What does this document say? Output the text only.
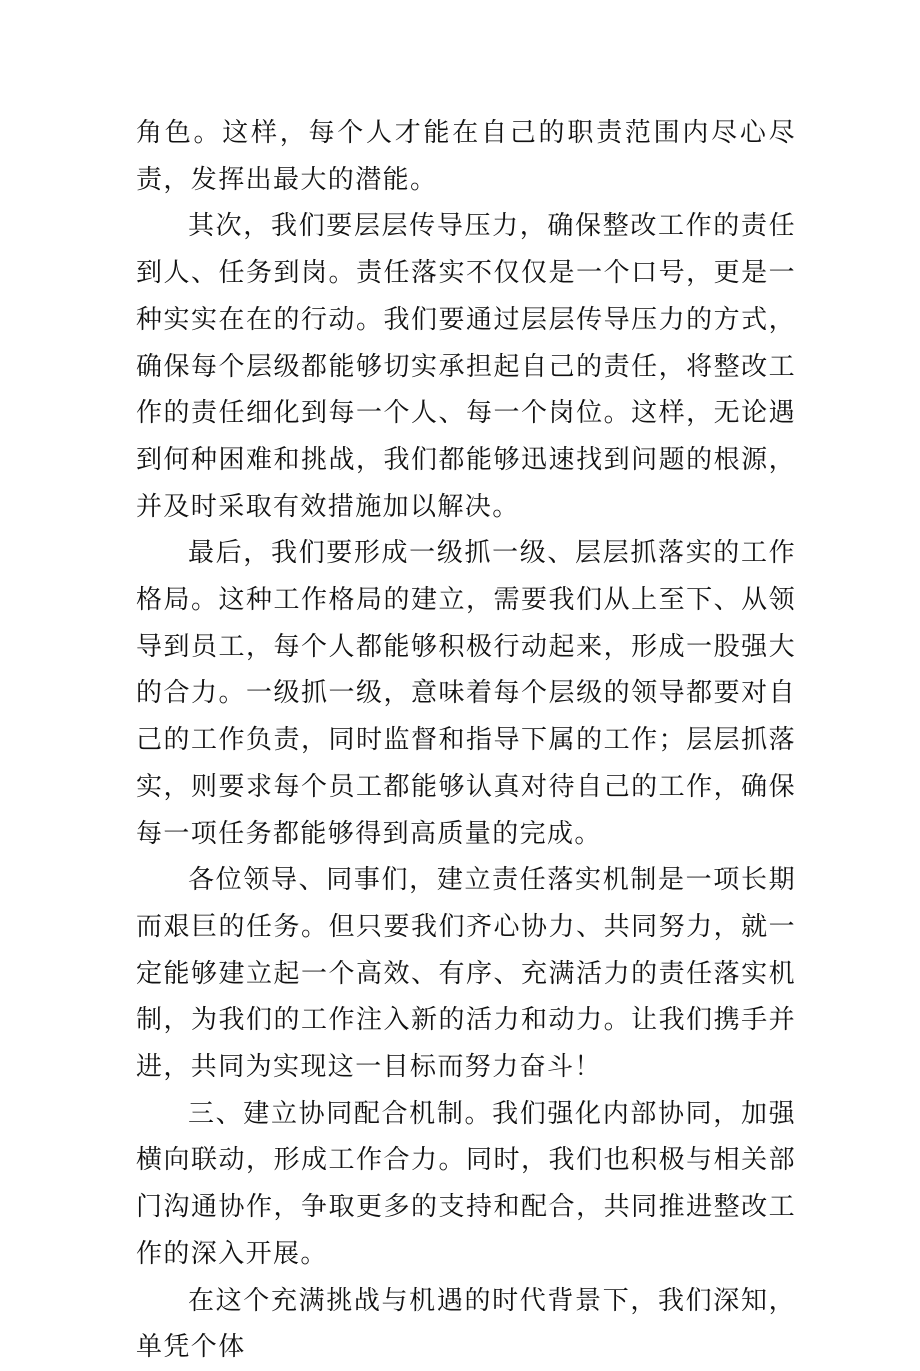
角色。这样，每个人才能在自己的职责范围内尽心尽责，发挥出最大的潜能。

其次，我们要层层传导压力，确保整改工作的责任到人、任务到岗。责任落实不仅仅是一个口号，更是一种实实在在的行动。我们要通过层层传导压力的方式，确保每个层级都能够切实承担起自己的责任，将整改工作的责任细化到每一个人、每一个岗位。这样，无论遇到何种困难和挑战，我们都能够迅速找到问题的根源，并及时采取有效措施加以解决。

最后，我们要形成一级抓一级、层层抓落实的工作格局。这种工作格局的建立，需要我们从上至下、从领导到员工，每个人都能够积极行动起来，形成一股强大的合力。一级抓一级，意味着每个层级的领导都要对自己的工作负责，同时监督和指导下属的工作；层层抓落实，则要求每个员工都能够认真对待自己的工作，确保每一项任务都能够得到高质量的完成。

各位领导、同事们，建立责任落实机制是一项长期而艰巨的任务。但只要我们齐心协力、共同努力，就一定能够建立起一个高效、有序、充满活力的责任落实机制，为我们的工作注入新的活力和动力。让我们携手并进，共同为实现这一目标而努力奋斗！

三、建立协同配合机制。我们强化内部协同，加强横向联动，形成工作合力。同时，我们也积极与相关部门沟通协作，争取更多的支持和配合，共同推进整改工作的深入开展。

在这个充满挑战与机遇的时代背景下，我们深知，单凭个体
